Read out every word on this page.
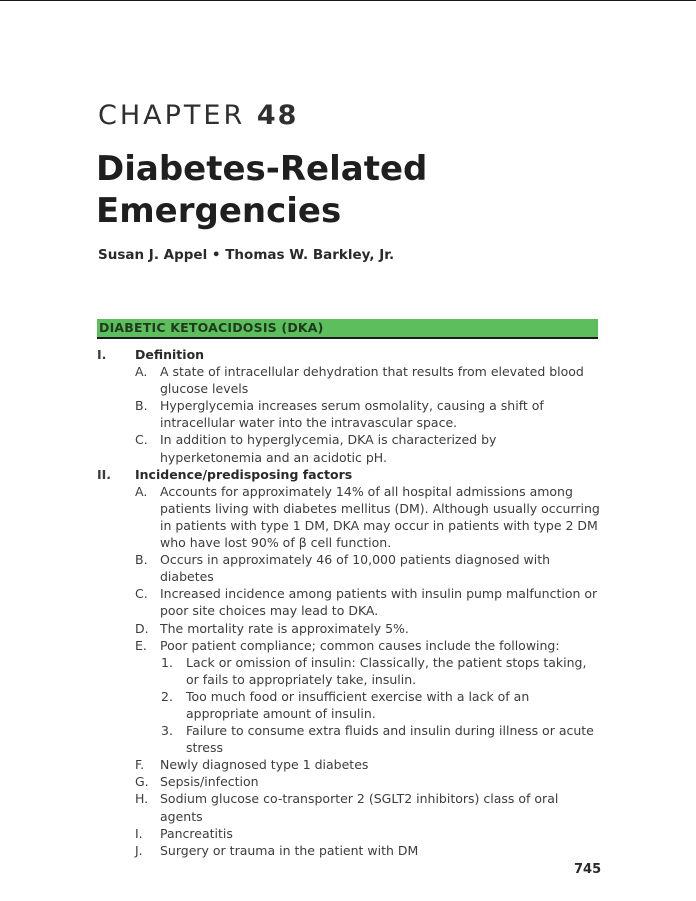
CHAPTER 48
Diabetes-Related
Emergencies
Susan J. Appel • Thomas W. Barkley, Jr.
DIABETIC KETOACIDOSIS (DKA)
I. Definition
A. A state of intracellular dehydration that results from elevated blood glucose levels
B. Hyperglycemia increases serum osmolality, causing a shift of intracellular water into the intravascular space.
C. In addition to hyperglycemia, DKA is characterized by hyperketonemia and an acidotic pH.
II. Incidence/predisposing factors
A. Accounts for approximately 14% of all hospital admissions among patients living with diabetes mellitus (DM). Although usually occurring in patients with type 1 DM, DKA may occur in patients with type 2 DM who have lost 90% of β cell function.
B. Occurs in approximately 46 of 10,000 patients diagnosed with diabetes
C. Increased incidence among patients with insulin pump malfunction or poor site choices may lead to DKA.
D. The mortality rate is approximately 5%.
E. Poor patient compliance; common causes include the following:
1. Lack or omission of insulin: Classically, the patient stops taking, or fails to appropriately take, insulin.
2. Too much food or insufficient exercise with a lack of an appropriate amount of insulin.
3. Failure to consume extra fluids and insulin during illness or acute stress
F. Newly diagnosed type 1 diabetes
G. Sepsis/infection
H. Sodium glucose co-transporter 2 (SGLT2 inhibitors) class of oral agents
I. Pancreatitis
J. Surgery or trauma in the patient with DM
745
